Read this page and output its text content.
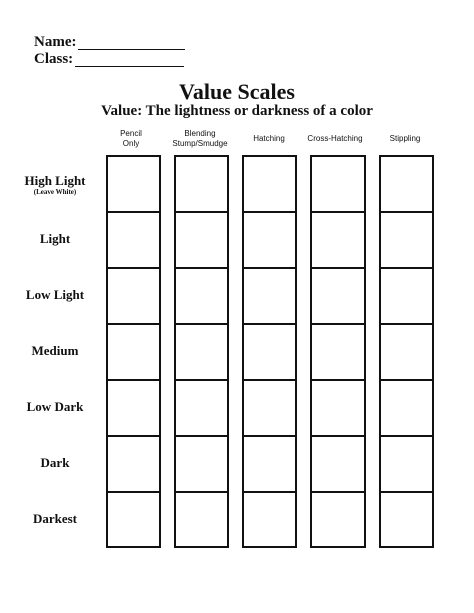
Name:
Class:
Value Scales
Value: The lightness or darkness of a color
Pencil
Only
Blending
Stump/Smudge
Hatching	Cross-Hatching	Stippling
High Light
(Leave White)
Light
Low Light
Medium
Low Dark
Dark
Darkest
